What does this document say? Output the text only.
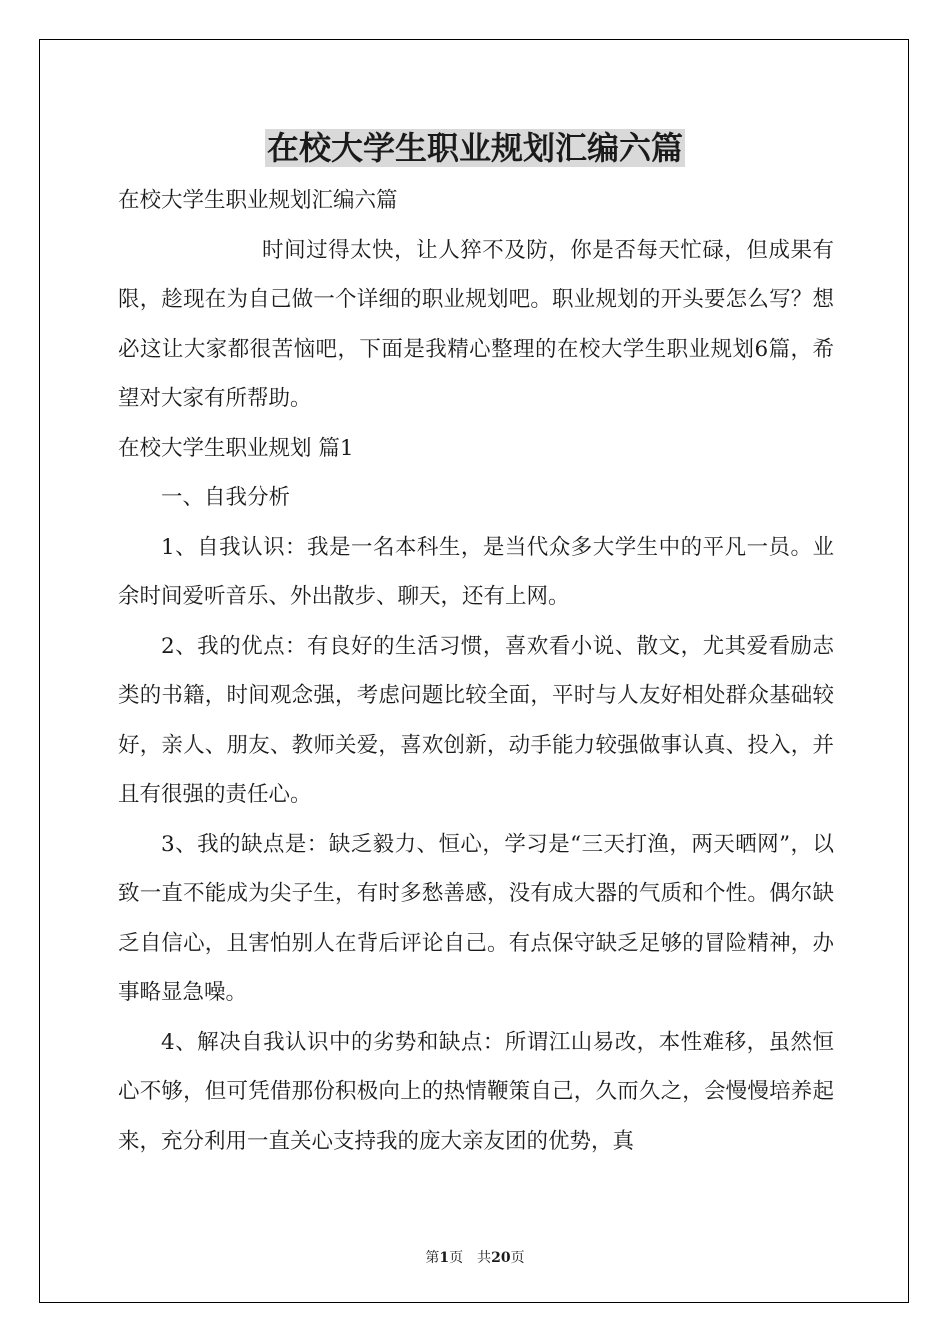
在校大学生职业规划汇编六篇

在校大学生职业规划汇编六篇

时间过得太快，让人猝不及防，你是否每天忙碌，但成果有限，趁现在为自己做一个详细的职业规划吧。职业规划的开头要怎么写？想必这让大家都很苦恼吧，下面是我精心整理的在校大学生职业规划6篇，希望对大家有所帮助。

在校大学生职业规划 篇1

一、自我分析

1、自我认识：我是一名本科生，是当代众多大学生中的平凡一员。业余时间爱听音乐、外出散步、聊天，还有上网。

2、我的优点：有良好的生活习惯，喜欢看小说、散文，尤其爱看励志类的书籍，时间观念强，考虑问题比较全面，平时与人友好相处群众基础较好，亲人、朋友、教师关爱，喜欢创新，动手能力较强做事认真、投入，并且有很强的责任心。

3、我的缺点是：缺乏毅力、恒心，学习是“三天打渔，两天晒网”，以致一直不能成为尖子生，有时多愁善感，没有成大器的气质和个性。偶尔缺乏自信心，且害怕别人在背后评论自己。有点保守缺乏足够的冒险精神，办事略显急噪。

4、解决自我认识中的劣势和缺点：所谓江山易改，本性难移，虽然恒心不够，但可凭借那份积极向上的热情鞭策自己，久而久之，会慢慢培养起来，充分利用一直关心支持我的庞大亲友团的优势，真

第1页　共20页
